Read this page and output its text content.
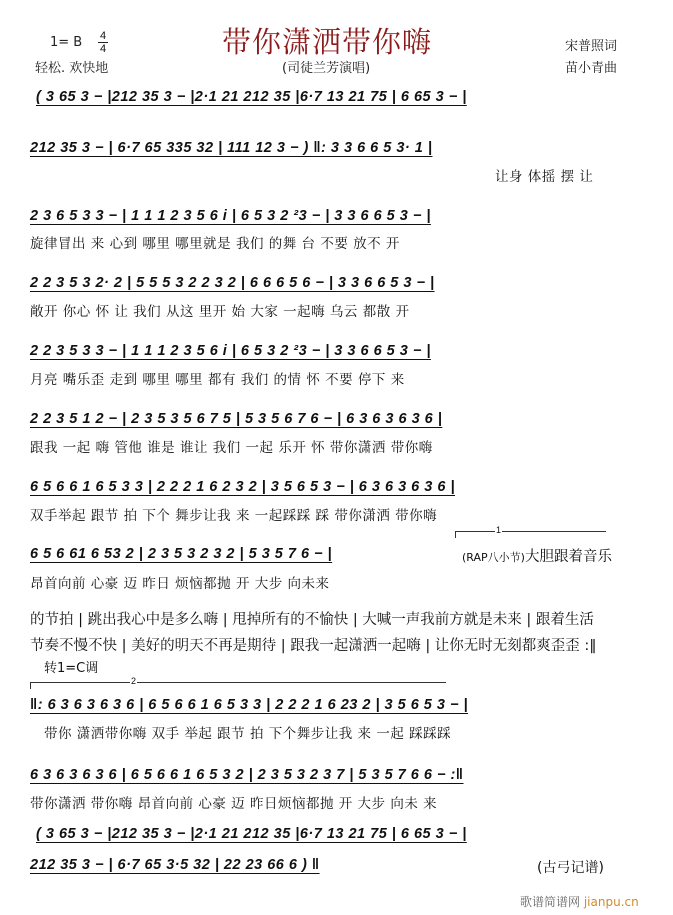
带你潇洒带你嗨
(司徒兰芳演唱)
1= B 4
4
轻松. 欢快地
宋普照词
苗小青曲
( 3 65 3 − |212 35 3 − |2·1 21 212 35 |6·7 13 21 75 | 6 65 3 − |
212 35 3 − | 6·7 65 335 32 | 111 12 3 − ) ‖: 3 3 6 6 5 3· 1 |
让身 体摇 摆 让
2 3 6 5 3 3 − | 1 1 1 2 3 5 6 i | 6 5 3 2 ²3 − | 3 3 6 6 5 3 − |
旋律冒出 来 心到 哪里 哪里就是 我们 的舞 台 不要 放不 开
2 2 3 5 3 2· 2 | 5 5 5 3 2 2 3 2 | 6 6 6 5 6 − | 3 3 6 6 5 3 − |
敞开 你心 怀 让 我们 从这 里开 始 大家 一起嗨 乌云 都散 开
2 2 3 5 3 3 − | 1 1 1 2 3 5 6 i | 6 5 3 2 ²3 − | 3 3 6 6 5 3 − |
月亮 嘴乐歪 走到 哪里 哪里 都有 我们 的情 怀 不要 停下 来
2 2 3 5 1 2 − | 2 3 5 3 5 6 7 5 | 5 3 5 6 7 6 − | 6 3 6 3 6 3 6 |
跟我 一起 嗨 管他 谁是 谁让 我们 一起 乐开 怀 带你潇洒 带你嗨
6 5 6 6 1 6 5 3 3 | 2 2 2 1 6 2 3 2 | 3 5 6 5 3 − | 6 3 6 3 6 3 6 |
双手举起 跟节 拍 下个 舞步让我 来 一起踩踩 踩 带你潇洒 带你嗨
1
6 5 6 61 6 53 2 | 2 3 5 3 2 3 2 | 5 3 5 7 6 − |	(RAP八小节)大胆跟着音乐
昂首向前 心豪 迈 昨日 烦恼都抛 开 大步 向未来
的节拍 | 跳出我心中是多么嗨 | 甩掉所有的不愉快 | 大喊一声我前方就是未来 | 跟着生活
节奏不慢不快 | 美好的明天不再是期待 | 跟我一起潇洒一起嗨 | 让你无时无刻都爽歪歪 :‖
转1=C调
2
‖: 6 3 6 3 6 3 6 | 6 5 6 6 1 6 5 3 3 | 2 2 2 1 6 23 2 | 3 5 6 5 3 − |
带你 潇洒带你嗨 双手 举起 跟节 拍 下个舞步让我 来 一起 踩踩踩
6 3 6 3 6 3 6 | 6 5 6 6 1 6 5 3 2 | 2 3 5 3 2 3 7 | 5 3 5 7 6 6 − :‖
带你潇洒 带你嗨 昂首向前 心豪 迈 昨日烦恼都抛 开 大步 向未 来
( 3 65 3 − |212 35 3 − |2·1 21 212 35 |6·7 13 21 75 | 6 65 3 − |
212 35 3 − | 6·7 65 3·5 32 | 22 23 66 6 ) ‖	(古弓记谱)
歌谱简谱网 jianpu.cn
